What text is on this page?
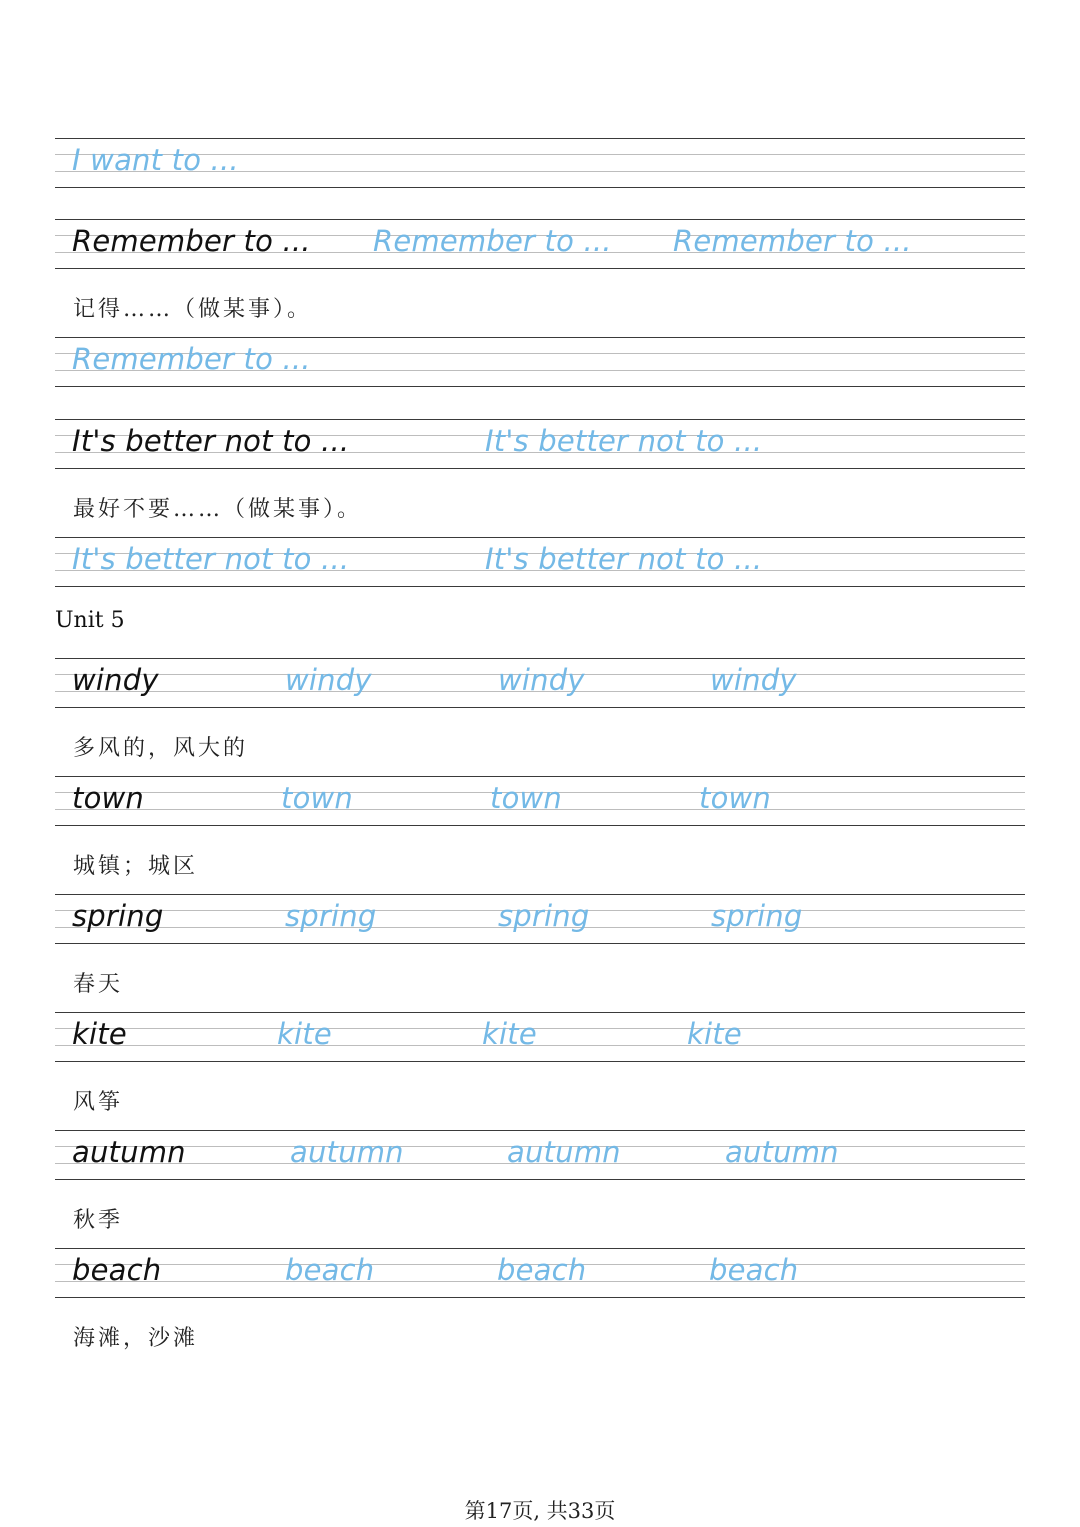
I want to ...
Remember to ... Remember to ... Remember to ...
记得……（做某事）。
Remember to ...
It's better not to ...	It's better not to ...
最好不要……（做某事）。
It's better not to ...	It's better not to ...
Unit 5
windy	windy	windy	windy
多风的，风大的
town	town	town	town
城镇；城区
spring	spring	spring	spring
春天
kite	kite	kite	kite
风筝
autumn	autumn	autumn	autumn
秋季
beach	beach	beach	beach
海滩，沙滩
第17页, 共33页
